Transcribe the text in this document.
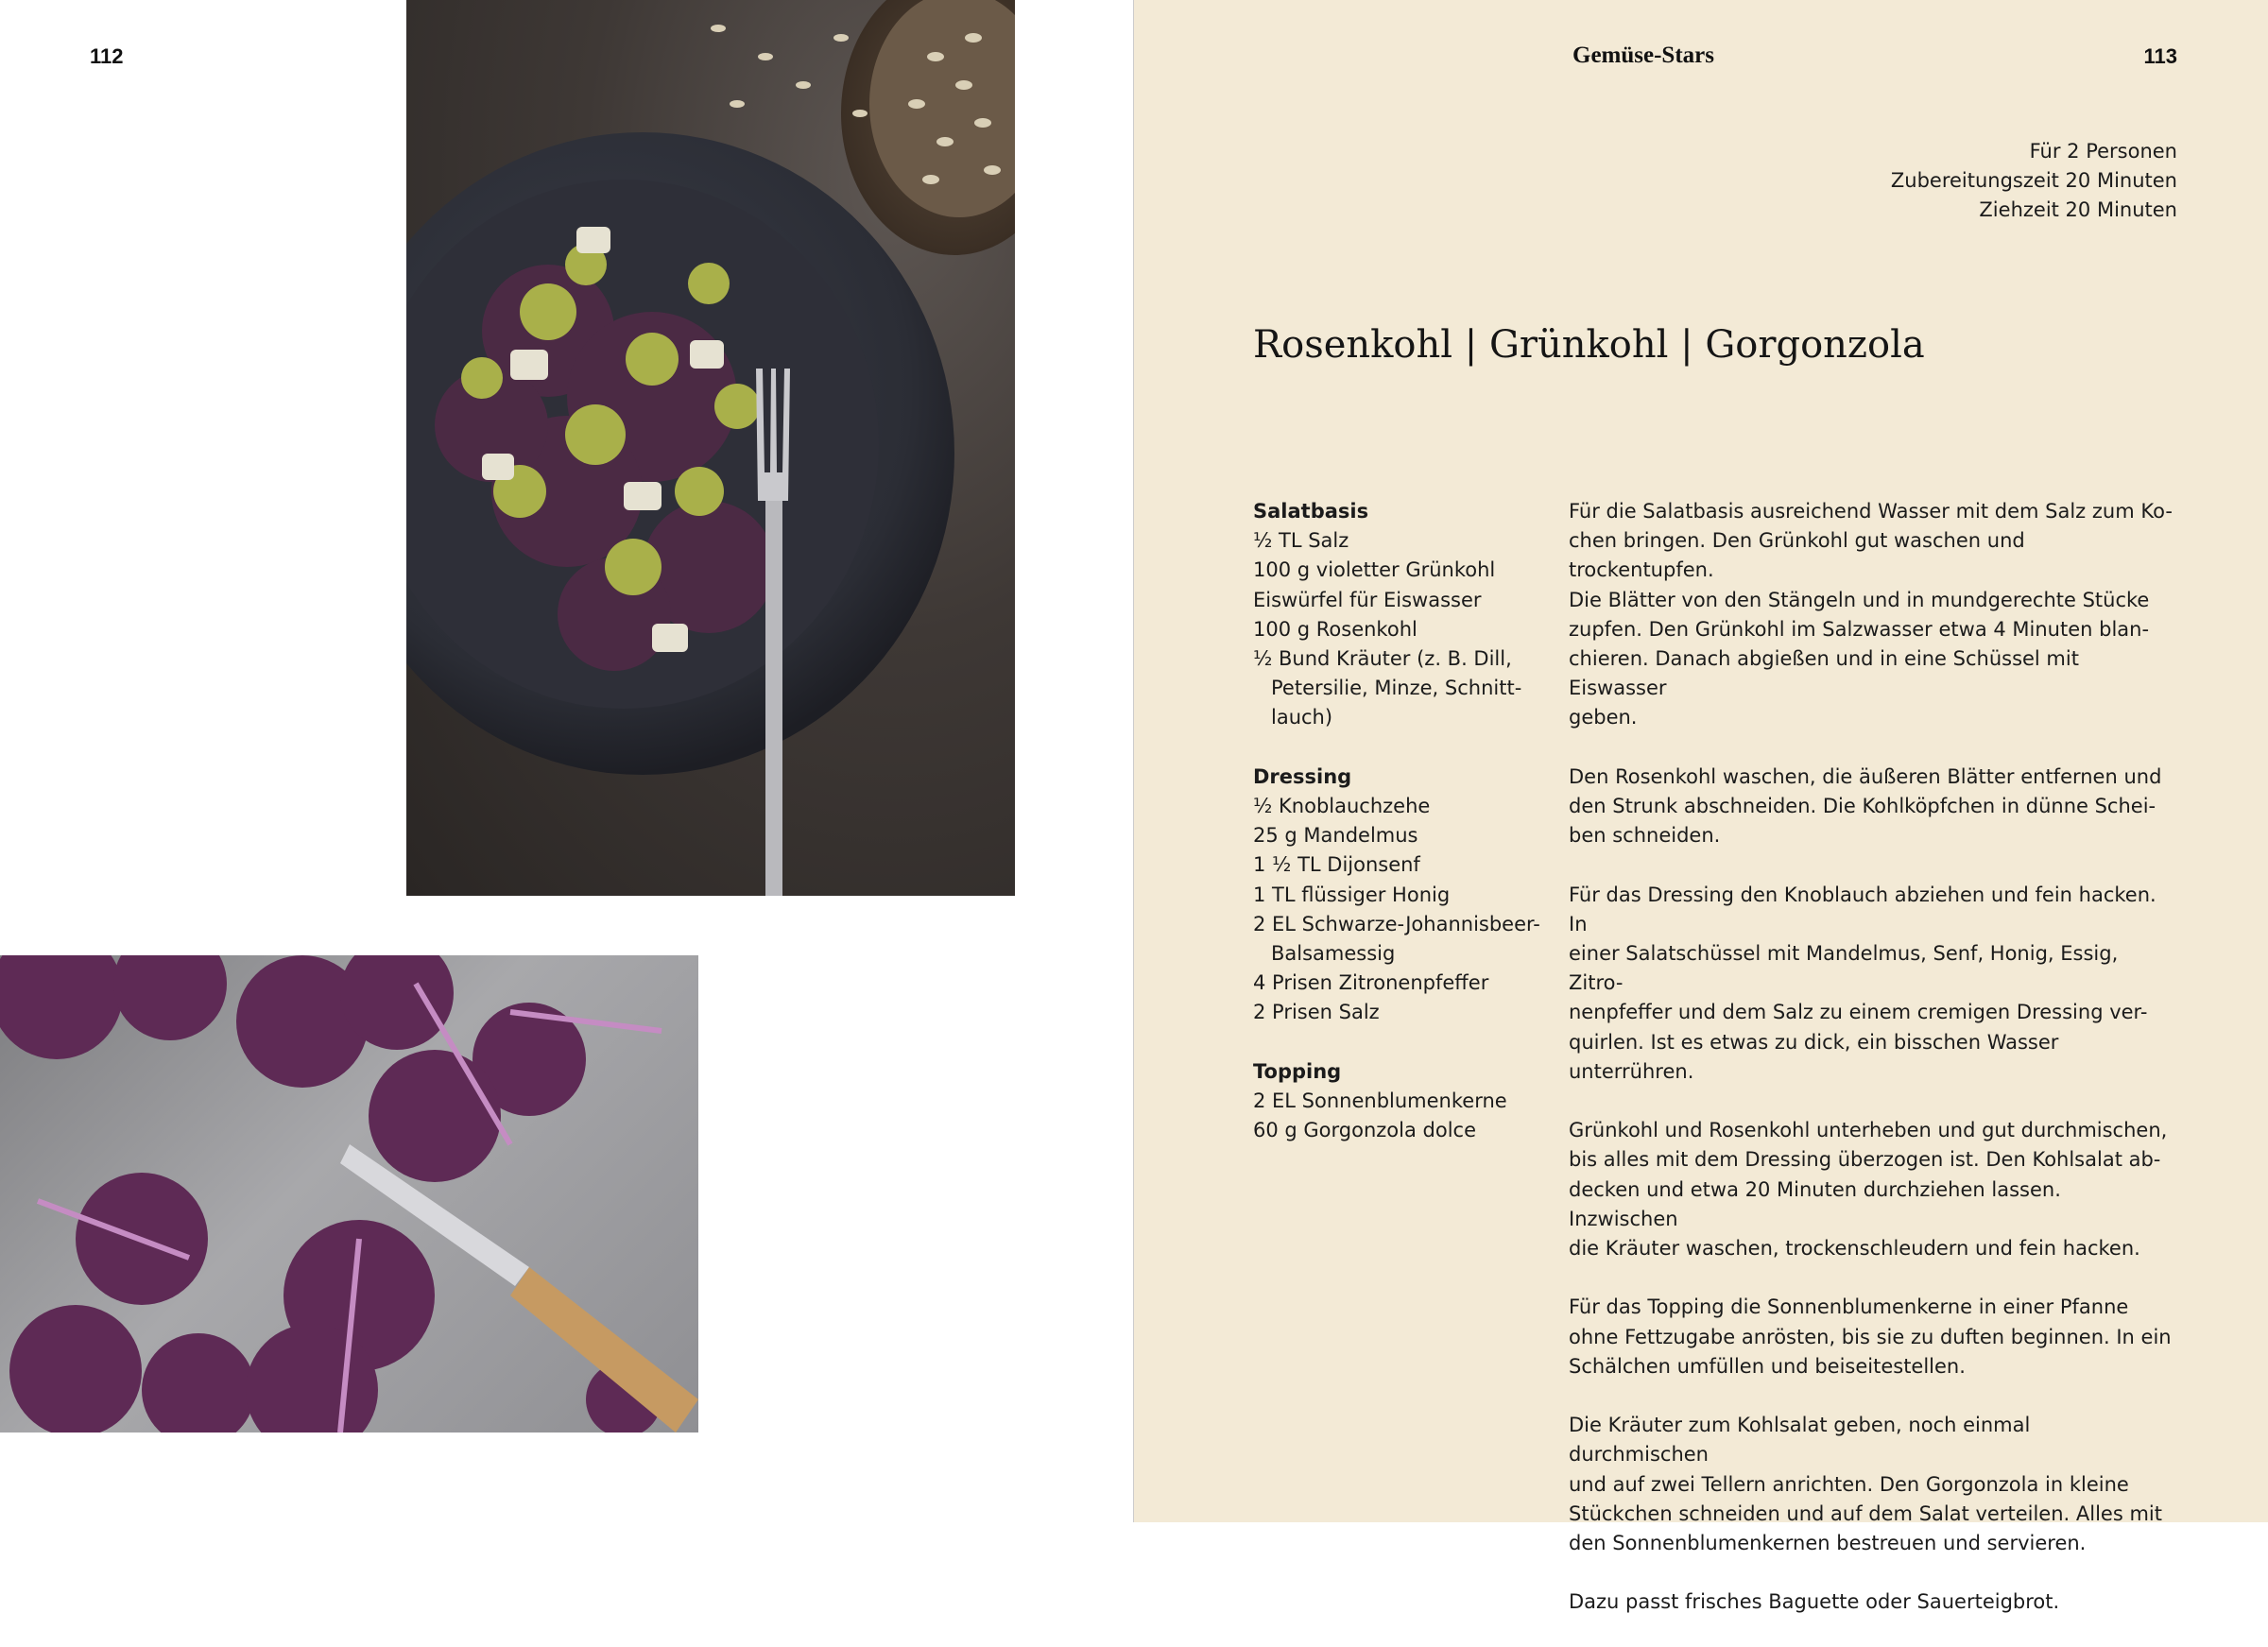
112	Gemüse-Stars	113
Für 2 Personen
Zubereitungszeit 20 Minuten
Ziehzeit 20 Minuten
Rosenkohl | Grünkohl | Gorgonzola
Salatbasis
½ TL Salz
100 g violetter Grünkohl
Eiswürfel für Eiswasser
100 g Rosenkohl
½ Bund Kräuter (z. B. Dill,
Petersilie, Minze, Schnitt-
lauch)
Dressing
½ Knoblauchzehe
25 g Mandelmus
1 ½ TL Dijonsenf
1 TL flüssiger Honig
2 EL Schwarze-Johannisbeer-
Balsamessig
4 Prisen Zitronenpfeffer
2 Prisen Salz
Topping
2 EL Sonnenblumenkerne
60 g Gorgonzola dolce

Für die Salatbasis ausreichend Wasser mit dem Salz zum Ko-
chen bringen. Den Grünkohl gut waschen und trockentupfen.
Die Blätter von den Stängeln und in mundgerechte Stücke
zupfen. Den Grünkohl im Salzwasser etwa 4 Minuten blan-
chieren. Danach abgießen und in eine Schüssel mit Eiswasser
geben.

Den Rosenkohl waschen, die äußeren Blätter entfernen und
den Strunk abschneiden. Die Kohlköpfchen in dünne Schei-
ben schneiden.

Für das Dressing den Knoblauch abziehen und fein hacken. In
einer Salatschüssel mit Mandelmus, Senf, Honig, Essig, Zitro-
nenpfeffer und dem Salz zu einem cremigen Dressing ver-
quirlen. Ist es etwas zu dick, ein bisschen Wasser unterrühren.

Grünkohl und Rosenkohl unterheben und gut durchmischen,
bis alles mit dem Dressing überzogen ist. Den Kohlsalat ab-
decken und etwa 20 Minuten durchziehen lassen. Inzwischen
die Kräuter waschen, trockenschleudern und fein hacken.

Für das Topping die Sonnenblumenkerne in einer Pfanne
ohne Fettzugabe anrösten, bis sie zu duften beginnen. In ein
Schälchen umfüllen und beiseitestellen.

Die Kräuter zum Kohlsalat geben, noch einmal durchmischen
und auf zwei Tellern anrichten. Den Gorgonzola in kleine
Stückchen schneiden und auf dem Salat verteilen. Alles mit
den Sonnenblumenkernen bestreuen und servieren.

Dazu passt frisches Baguette oder Sauerteigbrot.
